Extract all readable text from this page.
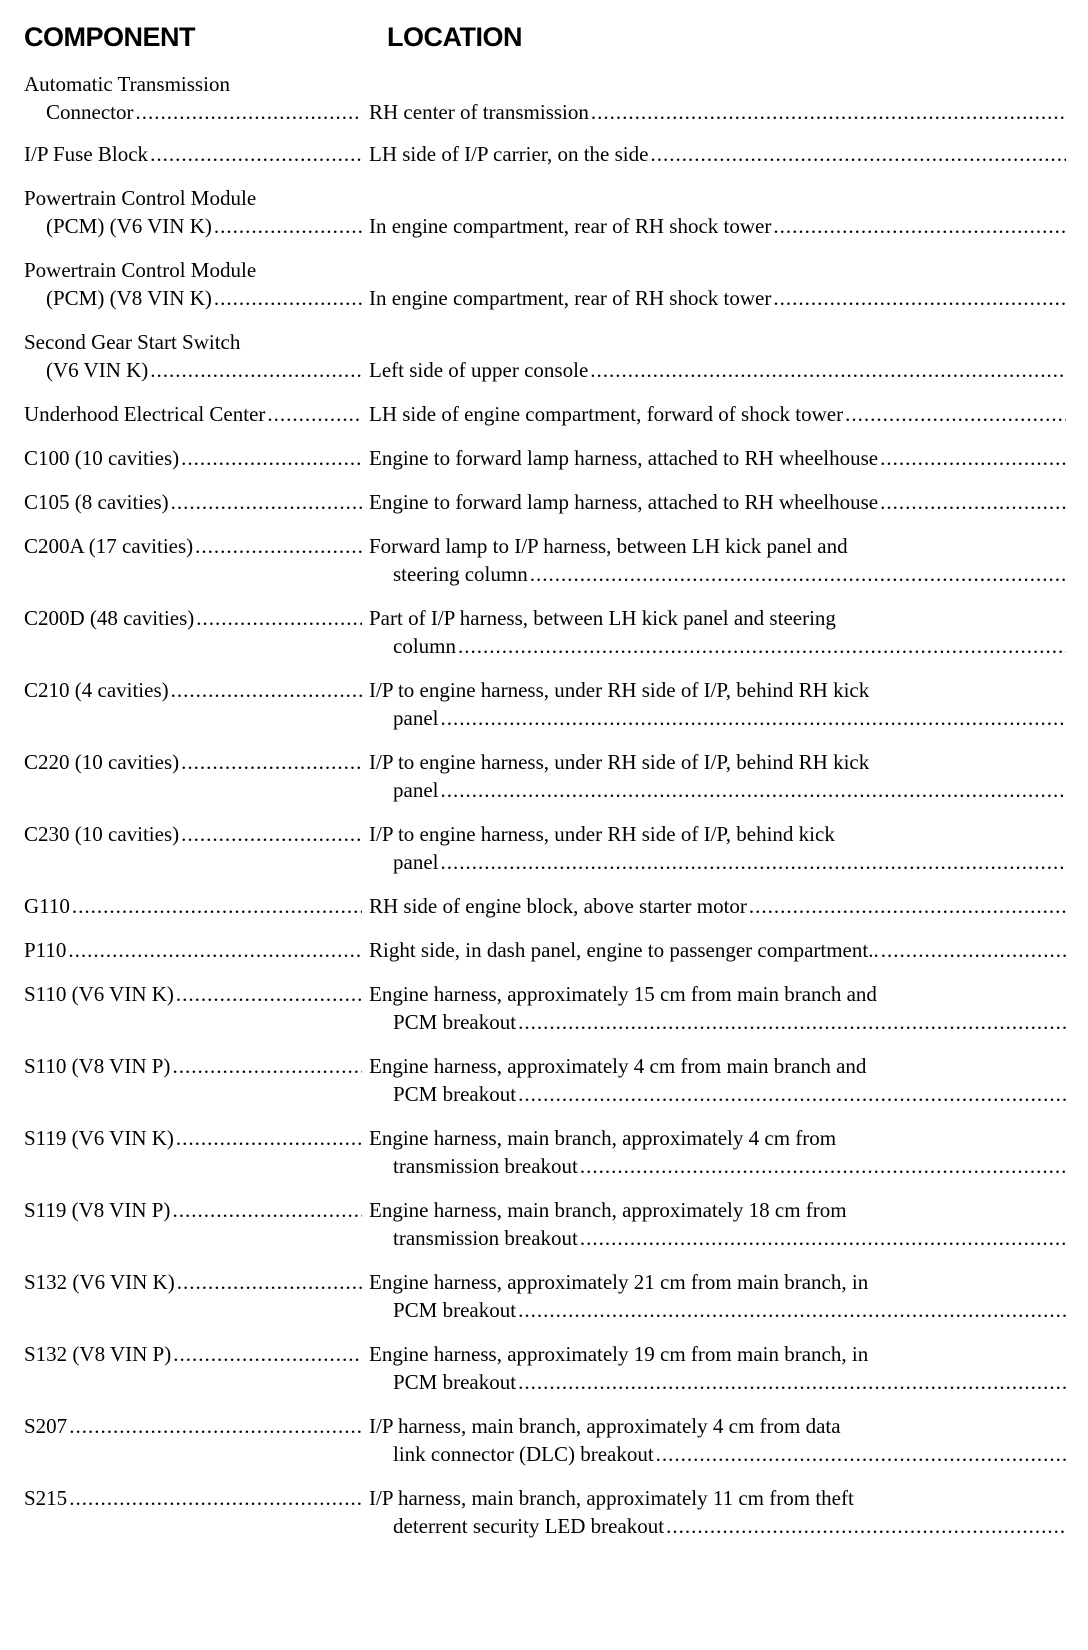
COMPONENT	LOCATION
Automatic Transmission
Connector .....
	RH center of transmission
.....
I/P Fuse Block .....	LH side of I/P carrier, on the side
.....
Powertrain Control Module
(PCM) (V6 VIN K) .....
	In engine compartment, rear of RH shock tower
.....
Powertrain Control Module
(PCM) (V8 VIN K) .....
	In engine compartment, rear of RH shock tower
.....
Second Gear Start Switch
(V6 VIN K) .....
	Left side of upper console
.....
Underhood Electrical Center .....	LH side of engine compartment, forward of shock tower
.....
C100 (10 cavities) .....	Engine to forward lamp harness, attached to RH wheelhouse
.....
C105 (8 cavities) .....	Engine to forward lamp harness, attached to RH wheelhouse
.....
C200A (17 cavities) .....	Forward lamp to I/P harness, between LH kick panel and
steering column
.....
C200D (48 cavities) .....	Part of I/P harness, between LH kick panel and steering
column
.....
C210 (4 cavities) .....	I/P to engine harness, under RH side of I/P, behind RH kick
panel
.....
C220 (10 cavities) .....	I/P to engine harness, under RH side of I/P, behind RH kick
panel
.....
C230 (10 cavities) .....	I/P to engine harness, under RH side of I/P, behind kick
panel
.....
G110 .....	RH side of engine block, above starter motor
.....
P110 .....	Right side, in dash panel, engine to passenger compartment..
.....
S110 (V6 VIN K) .....	Engine harness, approximately 15 cm from main branch and
PCM breakout
.....
S110 (V8 VIN P) .....	Engine harness, approximately 4 cm from main branch and
PCM breakout
.....
S119 (V6 VIN K) .....	Engine harness, main branch, approximately 4 cm from
transmission breakout
.....
S119 (V8 VIN P) .....	Engine harness, main branch, approximately 18 cm from
transmission breakout
.....
S132 (V6 VIN K) .....	Engine harness, approximately 21 cm from main branch, in
PCM breakout
.....
S132 (V8 VIN P) .....	Engine harness, approximately 19 cm from main branch, in
PCM breakout
.....
S207 .....	I/P harness, main branch, approximately 4 cm from data
link connector (DLC) breakout
.....
S215 .....	I/P harness, main branch, approximately 11 cm from theft
deterrent security LED breakout
.....
